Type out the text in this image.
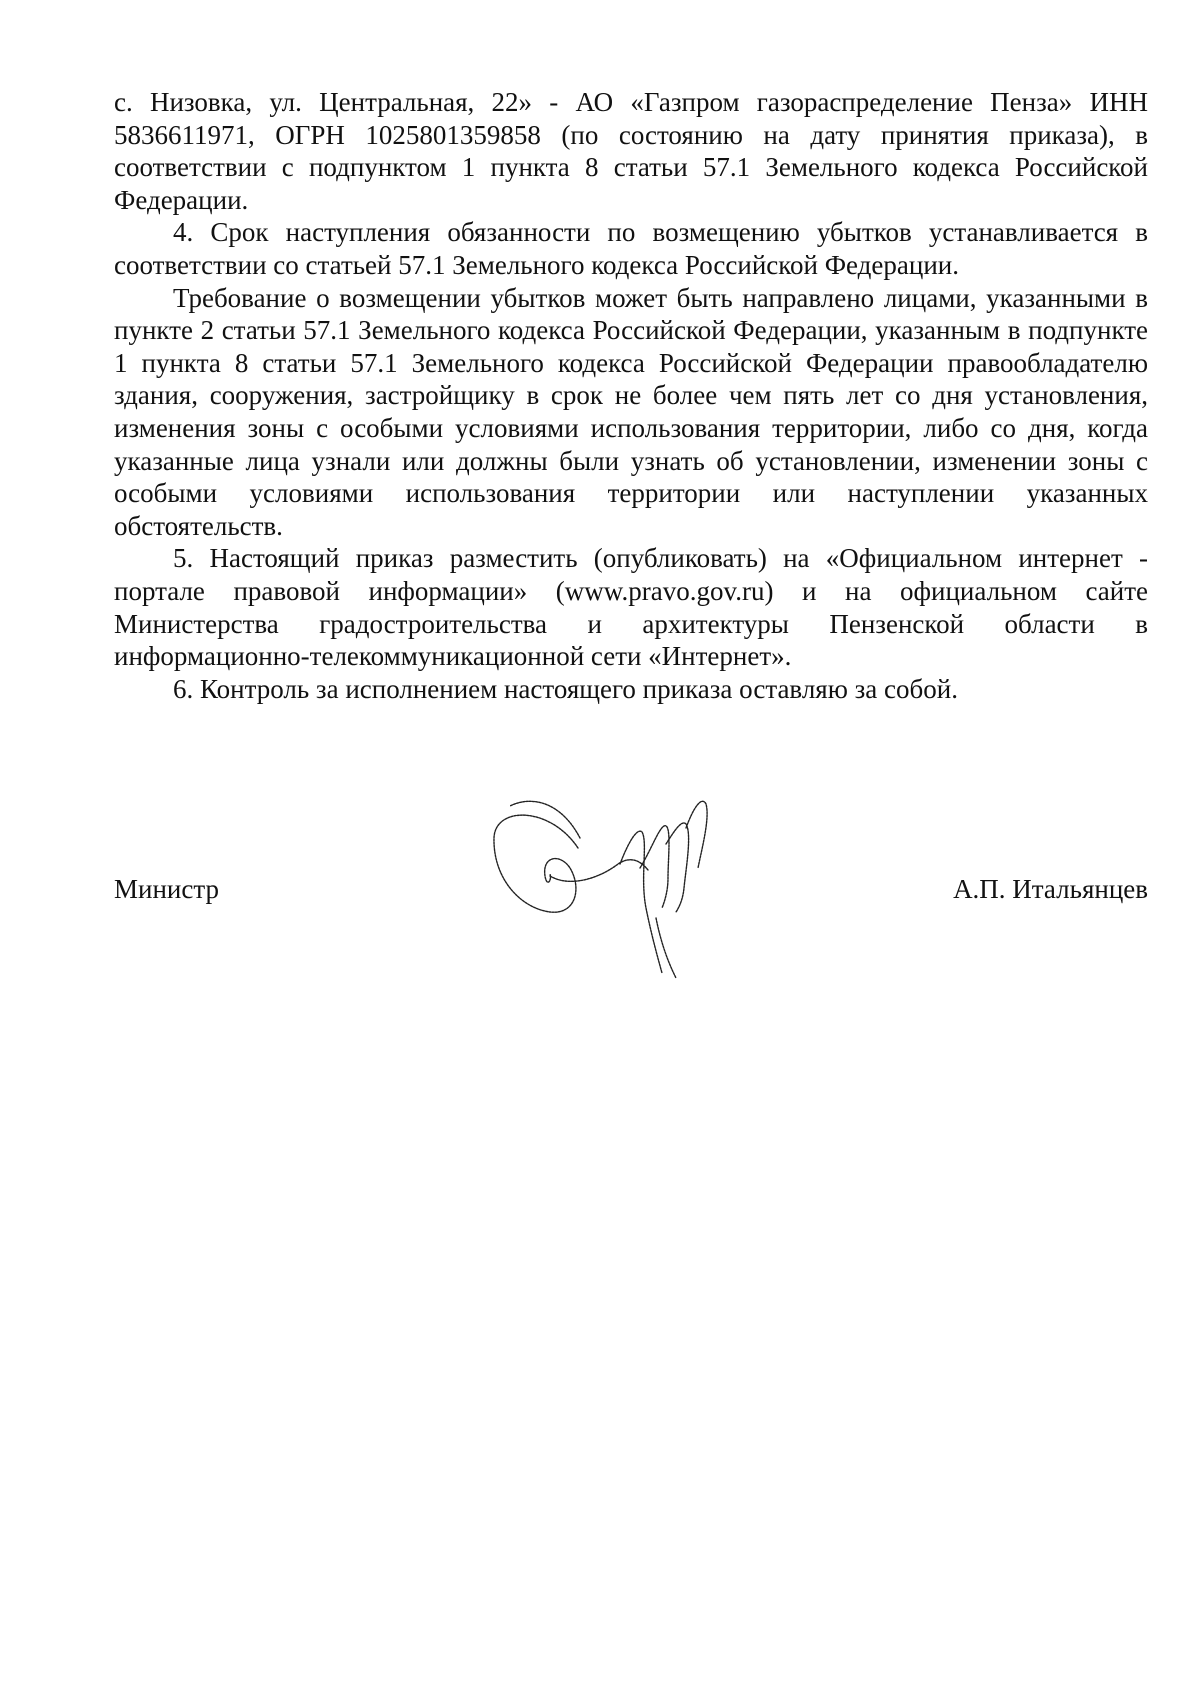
с. Низовка, ул. Центральная, 22» - АО «Газпром газораспределение Пенза» ИНН 5836611971, ОГРН 1025801359858 (по состоянию на дату принятия приказа), в соответствии с подпунктом 1 пункта 8 статьи 57.1 Земельного кодекса Российской Федерации.

4. Срок наступления обязанности по возмещению убытков устанавливается в соответствии со статьей 57.1 Земельного кодекса Российской Федерации.

Требование о возмещении убытков может быть направлено лицами, указанными в пункте 2 статьи 57.1 Земельного кодекса Российской Федерации, указанным в подпункте 1 пункта 8 статьи 57.1 Земельного кодекса Российской Федерации правообладателю здания, сооружения, застройщику в срок не более чем пять лет со дня установления, изменения зоны с особыми условиями использования территории, либо со дня, когда указанные лица узнали или должны были узнать об установлении, изменении зоны с особыми условиями использования территории или наступлении указанных обстоятельств.

5. Настоящий приказ разместить (опубликовать) на «Официальном интернет - портале правовой информации» (www.pravo.gov.ru) и на официальном сайте Министерства градостроительства и архитектуры Пензенской области в информационно-телекоммуникационной сети «Интернет».

6. Контроль за исполнением настоящего приказа оставляю за собой.

Министр	А.П. Итальянцев
